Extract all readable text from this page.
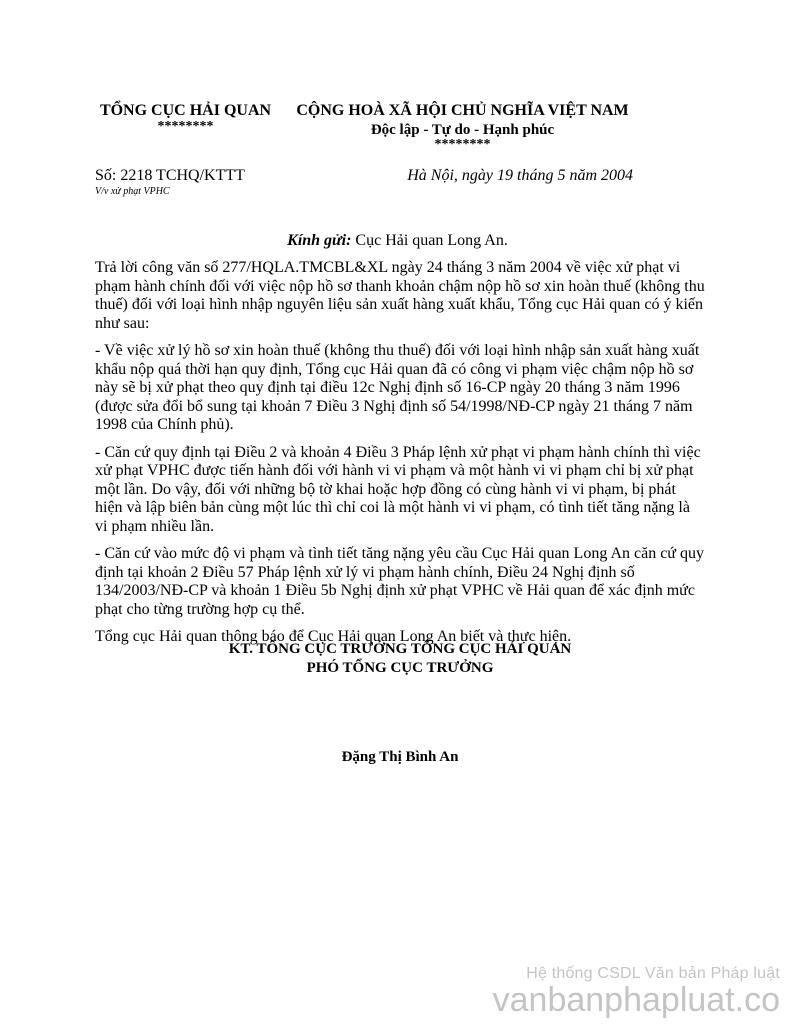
TỔNG CỤC HẢI QUAN
********
CỘNG HOÀ XÃ HỘI CHỦ NGHĨA VIỆT NAM
Độc lập - Tự do - Hạnh phúc
********
Số: 2218 TCHQ/KTTT
V/v xử phạt VPHC
Hà Nội, ngày 19 tháng 5 năm 2004
Kính gửi: Cục Hải quan Long An.

Trả lời công văn số 277/HQLA.TMCBL&XL ngày 24 tháng 3 năm 2004 về việc xử phạt vi phạm hành chính đối với việc nộp hồ sơ thanh khoản chậm nộp hồ sơ xin hoàn thuế (không thu thuế) đối với loại hình nhập nguyên liệu sản xuất hàng xuất khẩu, Tổng cục Hải quan có ý kiến như sau:

- Về việc xử lý hồ sơ xin hoàn thuế (không thu thuế) đối với loại hình nhập sản xuất hàng xuất khẩu nộp quá thời hạn quy định, Tổng cục Hải quan đã có công vi phạm việc chậm nộp hồ sơ này sẽ bị xử phạt theo quy định tại điều 12c Nghị định số 16-CP ngày 20 tháng 3 năm 1996 (được sửa đổi bổ sung tại khoản 7 Điều 3 Nghị định số 54/1998/NĐ-CP ngày 21 tháng 7 năm 1998 của Chính phủ).

- Căn cứ quy định tại Điều 2 và khoản 4 Điều 3 Pháp lệnh xử phạt vi phạm hành chính thì việc xử phạt VPHC được tiến hành đối với hành vi vi phạm và một hành vi vi phạm chỉ bị xử phạt một lần. Do vậy, đối với những bộ tờ khai hoặc hợp đồng có cùng hành vi vi phạm, bị phát hiện và lập biên bản cùng một lúc thì chỉ coi là một hành vi vi phạm, có tình tiết tăng nặng là vi phạm nhiều lần.

- Căn cứ vào mức độ vi phạm và tình tiết tăng nặng yêu cầu Cục Hải quan Long An căn cứ quy định tại khoản 2 Điều 57 Pháp lệnh xử lý vi phạm hành chính, Điều 24 Nghị định số 134/2003/NĐ-CP và khoản 1 Điều 5b Nghị định xử phạt VPHC về Hải quan để xác định mức phạt cho từng trường hợp cụ thể.

Tổng cục Hải quan thông báo để Cục Hải quan Long An biết và thực hiện.

KT. TỔNG CỤC TRƯỞNG TỔNG CỤC HẢI QUAN
PHÓ TỔNG CỤC TRƯỞNG
Đặng Thị Bình An
Hệ thống CSDL Văn bản Pháp luật
vanbanphapluat.co
